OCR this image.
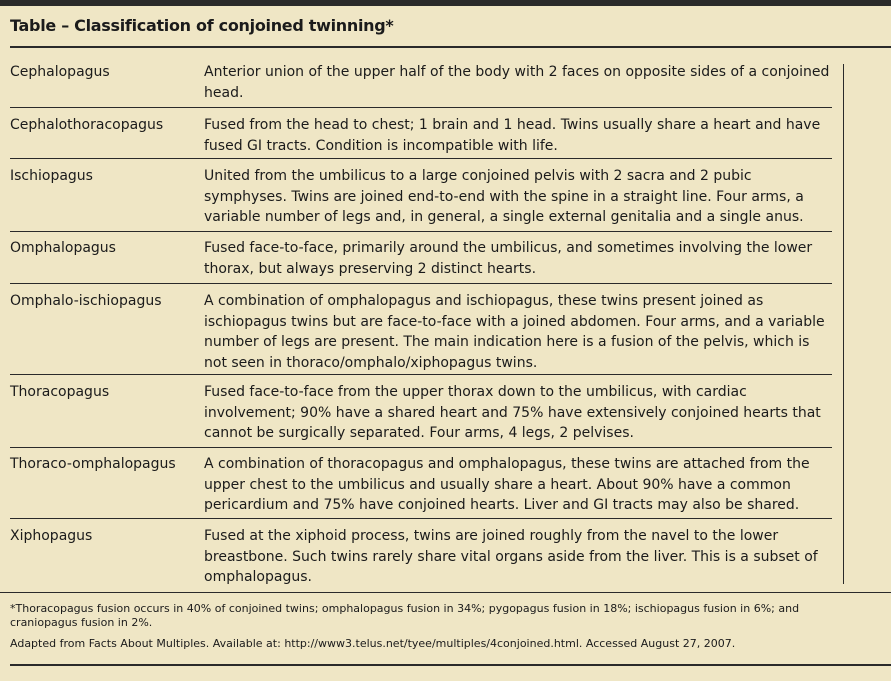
Table – Classification of conjoined twinning*
Cephalopagus	Anterior union of the upper half of the body with 2 faces on opposite sides of a conjoined head.
Cephalothoracopagus	Fused from the head to chest; 1 brain and 1 head. Twins usually share a heart and have fused GI tracts. Condition is incompatible with life.
Ischiopagus	United from the umbilicus to a large conjoined pelvis with 2 sacra and 2 pubic symphyses. Twins are joined end-to-end with the spine in a straight line. Four arms, a variable number of legs and, in general, a single external genitalia and a single anus.
Omphalopagus	Fused face-to-face, primarily around the umbilicus, and sometimes involving the lower thorax, but always preserving 2 distinct hearts.
Omphalo-ischiopagus	A combination of omphalopagus and ischiopagus, these twins present joined as ischiopagus twins but are face-to-face with a joined abdomen. Four arms, and a variable number of legs are present. The main indication here is a fusion of the pelvis, which is not seen in thoraco/omphalo/xiphopagus twins.
Thoracopagus	Fused face-to-face from the upper thorax down to the umbilicus, with cardiac involvement; 90% have a shared heart and 75% have extensively conjoined hearts that cannot be surgically separated. Four arms, 4 legs, 2 pelvises.
Thoraco-omphalopagus A combination of thoracopagus and omphalopagus, these twins are attached from the upper chest to the umbilicus and usually share a heart. About 90% have a common pericardium and 75% have conjoined hearts. Liver and GI tracts may also be shared.
Xiphopagus	Fused at the xiphoid process, twins are joined roughly from the navel to the lower breastbone. Such twins rarely share vital organs aside from the liver. This is a subset of omphalopagus.
*Thoracopagus fusion occurs in 40% of conjoined twins; omphalopagus fusion in 34%; pygopagus fusion in 18%; ischiopagus fusion in 6%; and craniopagus fusion in 2%.
Adapted from Facts About Multiples. Available at: http://www3.telus.net/tyee/multiples/4conjoined.html. Accessed August 27, 2007.
